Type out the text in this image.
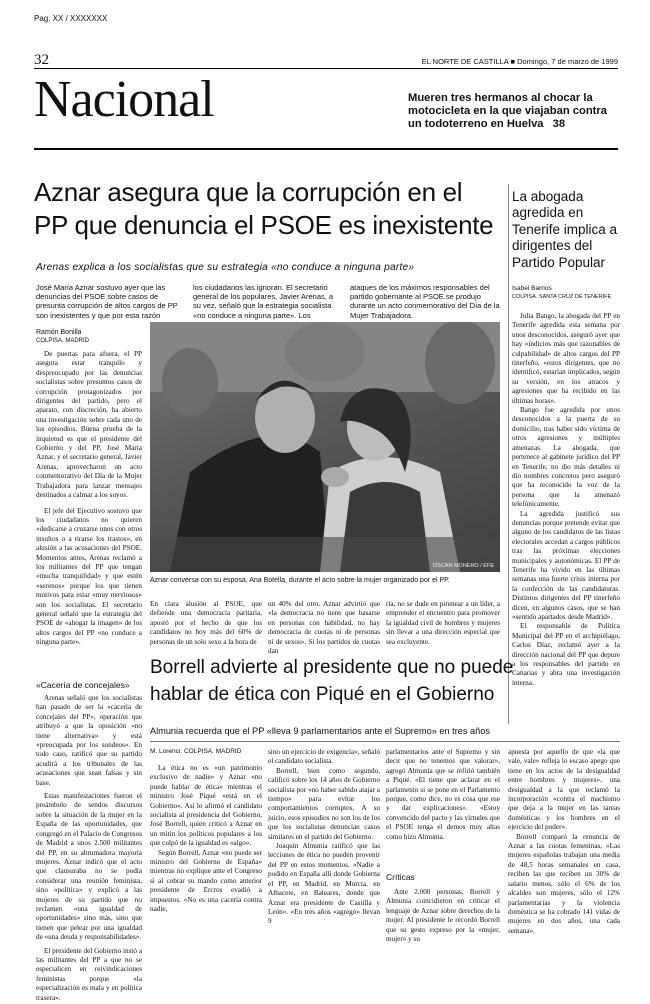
Pag. XX / XXXXXXX
32	EL NORTE DE CASTILLA ■ Domingo, 7 de marzo de 1999
Nacional	Mueren tres hermanos al chocar la motocicleta en la que viajaban contra un todoterreno en Huelva 38
Aznar asegura que la corrupción en el
PP que denuncia el PSOE es inexistente
Arenas explica a los socialistas que su estrategia «no conduce a ninguna parte»
José María Aznar sostuvo ayer que las denuncias del PSOE sobre casos de presunta corrupción de altos cargos de PP son inexistentes y que por esta razón
los ciudadanos las ignoran. El secretario general de los populares, Javier Arenas, a su vez, señaló que la estrategia socialista «no conduce a ninguna parte». Los
ataques de los máximos responsables del partido gobernante al PSOE se produjo durante un acto conmemorativo del Día de la Mujer Trabajadora.
La abogada agredida en Tenerife implica a dirigentes del Partido Popular
Ramón Bonilla
COLPISA. MADRID

De puertas para afuera, el PP asegura estar tranquilo y despreocupado por las denuncias socialistas sobre presuntos casos de corrupción protagonizados por dirigentes del partido, pero el aparato, con discreción, ha abierto una investigación sobre cada uno de los episodios. Buena prueba de la inquietud es que el presidente del Gobierno y del PP, José María Aznar, y el secretario general, Javier Arenas, aprovecharon un acto conmemorativo del Día de la Mujer Trabajadora para lanzar mensajes destinados a calmar a los suyos.

El jefe del Ejecutivo sostuvo que los ciudadanos no quieren «dedicarse a cruzarse unos con otros insultos o a tirarse los trastos», en alusión a las acusaciones del PSOE. Momentos antes, Arenas reclamó a los militantes del PP que tengan «mucha tranquilidad» y que estén «serenos» porque los que tienen motivos para estar «muy nerviosos» son los socialistas. El secretario general señaló que la estrategia del PSOE de «ahogar la imagen» de los altos cargos del PP «no conduce a ninguna parte».

ÓSCAR MONERO / EFE
Aznar conversa con su esposa, Ana Botella, durante el acto sobre la mujer organizado por el PP.

En clara alusión al PSOE, que defiende una democracia paritaria, apostó por el hecho de que los candidatos no hoy más del 60% de personas de un solo sexo a la hora de

un 40% del otro. Aznar advirtió que «la democracia no tiene que basarse en personas con habilidad, no hay democracia de cuotas ni de personas ni de sexos». Si los partidos de cuotas dan

ría, no se dude en pirenear a un líder, a emprender el encuentro para promover la igualdad civil de hombres y mujeres sin llevar a una dirección especial que sea excluyente.

«Cacería de concejales»

Arenas señaló que los socialistas han pasado de ser la «cacería de concejales del PP», operación que atribuyó a que la oposición «no tiene alternativa» y está «preocupada por los sondeos». En todo caso, ratificó que su partido acudirá a los tribunales de las acusaciones que sean falsas y sin base.

Estas manifestaciones fueron el preámbulo de sendos discursos sobre la situación de la mujer en la España de las oportunidades, que congregó en el Palacio de Congresos de Madrid a unos 2.500 militantes del PP, en su abrumadora mayoría mujeres. Aznar indicó que el acto que clausuraba no se podía considerar una reunión feminista, sino «política» y explicó a las mujeres de su partido que no reclamen «una igualdad de oportunidades» sino más, sino que tienen que pelear por una igualdad de «una deuda y responsabilidades».

El presidente del Gobierno instó a las militantes del PP a que no se especialicen en reivindicaciones feministas porque «la especialización es mala y en política trasera».

Isabel Barrios
COLPISA. SANTA CRUZ DE TENERIFE

Julia Bango, la abogada del PP en Tenerife agredida esta semana por unos desconocidos, aseguró ayer que hay «indicios más que razonables de culpabilidad» de altos cargos del PP tinerfeño, «estos dirigentes, que no identificó, estarían implicados, según su versión, en los atracos y agresiones que ha recibido en las últimas horas».

Bango fue agredida por unos desconocidos a la puerta de su domicilio, tras haber sido víctima de otros agresiones y múltiples amenazas. La abogada, que pertenece al gabinete jurídico del PP en Tenerife, no dio más detalles ni dio nombres concretos pero aseguró que ha reconocido la voz de la persona que la amenazó telefónicamente.

La agredida justificó sus denuncias porque pretende evitar que alguno de los candidatos de las listas electorales accedan a cargos públicos tras las próximas elecciones municipales y autonómicas. El PP de Tenerife ha vivido en las últimas semanas una fuerte crisis interna por la confección de las candidaturas. Distintos dirigentes del PP tinerfeño dicen, en algunos casos, que se han «sentido apartados desde Madrid».

El responsable de Política Municipal del PP en el archipiélago, Carlos Díaz, reclamó ayer a la dirección nacional del PP que depure a los responsables del partido en Canarias y abra una investigación interna.

Borrell advierte al presidente que no puede
hablar de ética con Piqué en el Gobierno
Almunia recuerda que el PP «lleva 9 parlamentarios ante el Supremo» en tres años
M. Lorenci. COLPISA. MADRID

La ética no es «un patrimonio exclusivo de nadie» y Aznar «no puede hablar de ética» mientras el ministro José Piqué «está en el Gobierno». Así lo afirmó el candidato socialista al presidencia del Gobierno, José Borrell, quien criticó a Aznar en un mitin los políticos populares a los que culpó de la igualdad es «algo».

Según Borrell, Aznar «no puede ser ministro del Gobierno de España» mientras no explique ante el Congreso si al cobrar su mando como anterior presidente de Ercros evadió a impuestos. «No es una cacería contra nadie,

sino un ejercicio de exigencia», señaló el candidato socialista.

Borrell, bien como segundo, calificó sobre los 14 años de Gobierno socialista por «no haber sabido atajar a tiempo» para evitar los comportamientos corruptos. A su juicio, esos episodios no son los de los que los socialistas denuncian casos similares en el partido del Gobierno.

Joaquín Almunia ratificó que las lecciones de ética no pueden provenir del PP en estos momentos. «Nadie a podido en España allí donde Gobierna el PP, en Madrid, en Murcia, en Albacete, en Baleares, donde que Aznar era presidente de Castilla y León». «En tres años «agregó» llevan 9

parlamentarios ante el Supremo y sin decir que no tenemos que valorar», agregó Almunia que se refirió también a Piqué. «El tiene que aclarar en el parlamento si se pone en el Parlamento porque, como dice, no es cosa que ese y dar explicaciones». «Estoy convencido del pacto y las virtudes que el PSOE tenga el demos muy altas como hizo Almunia.

Críticas

Ante 2.000 personas, Borrell y Almunia coincidieron en criticar el lenguaje de Aznar sobre derechos de la mujer. Al presidente le recordó Borrell que su gesto expreso por la «mujer, mujer» y su

apuesta por aquello de que «la que vale, vale» refleja lo escaso apego que tiene en los actos de la desigualdad entre hombres y mujeres», una desigualdad a la que reclamó la incorporación «contra el machismo que deja a la mujer en las tareas domésticas y los hombres en el ejercicio del poder».

Borrell comparó la renuncia de Aznar a las cuotas femeninas, «Las mujeres españolas trabajan una media de 48,5 horas semanales en casa, reciben las que reciben un 30% de salario menos, sólo el 6% de los alcaldes son mujeres, sólo el 12% parlamentarias y la violencia doméstica se ha cobrado 141 vidas de mujeres en dos años, una cada semana».
